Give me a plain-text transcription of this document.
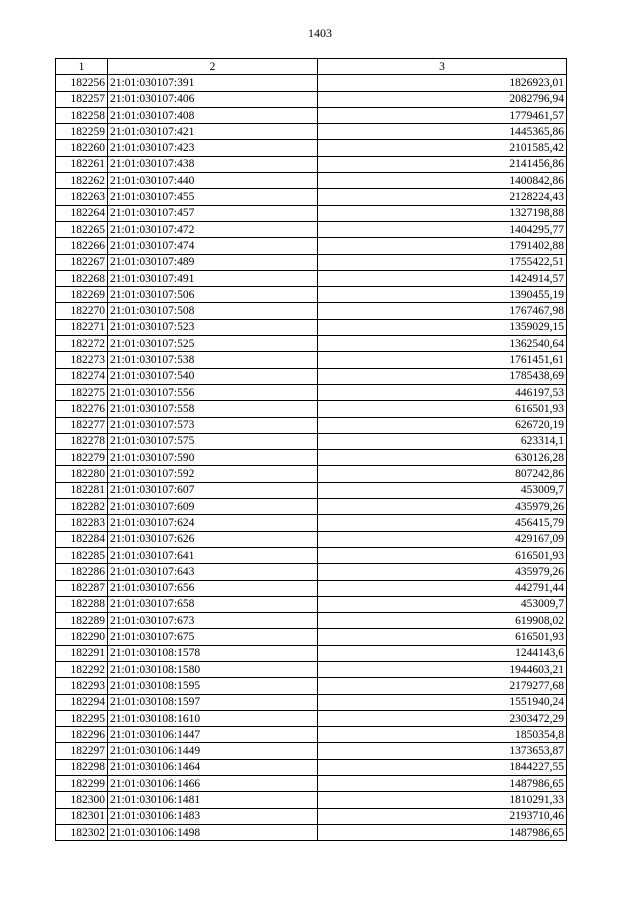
1403
1	2	3
182256	21:01:030107:391	1826923,01
182257	21:01:030107:406	2082796,94
182258	21:01:030107:408	1779461,57
182259	21:01:030107:421	1445365,86
182260	21:01:030107:423	2101585,42
182261	21:01:030107:438	2141456,86
182262	21:01:030107:440	1400842,86
182263	21:01:030107:455	2128224,43
182264	21:01:030107:457	1327198,88
182265	21:01:030107:472	1404295,77
182266	21:01:030107:474	1791402,88
182267	21:01:030107:489	1755422,51
182268	21:01:030107:491	1424914,57
182269	21:01:030107:506	1390455,19
182270	21:01:030107:508	1767467,98
182271	21:01:030107:523	1359029,15
182272	21:01:030107:525	1362540,64
182273	21:01:030107:538	1761451,61
182274	21:01:030107:540	1785438,69
182275	21:01:030107:556	446197,53
182276	21:01:030107:558	616501,93
182277	21:01:030107:573	626720,19
182278	21:01:030107:575	623314,1
182279	21:01:030107:590	630126,28
182280	21:01:030107:592	807242,86
182281	21:01:030107:607	453009,7
182282	21:01:030107:609	435979,26
182283	21:01:030107:624	456415,79
182284	21:01:030107:626	429167,09
182285	21:01:030107:641	616501,93
182286	21:01:030107:643	435979,26
182287	21:01:030107:656	442791,44
182288	21:01:030107:658	453009,7
182289	21:01:030107:673	619908,02
182290	21:01:030107:675	616501,93
182291	21:01:030108:1578	1244143,6
182292	21:01:030108:1580	1944603,21
182293	21:01:030108:1595	2179277,68
182294	21:01:030108:1597	1551940,24
182295	21:01:030108:1610	2303472,29
182296	21:01:030106:1447	1850354,8
182297	21:01:030106:1449	1373653,87
182298	21:01:030106:1464	1844227,55
182299	21:01:030106:1466	1487986,65
182300	21:01:030106:1481	1810291,33
182301	21:01:030106:1483	2193710,46
182302	21:01:030106:1498	1487986,65
